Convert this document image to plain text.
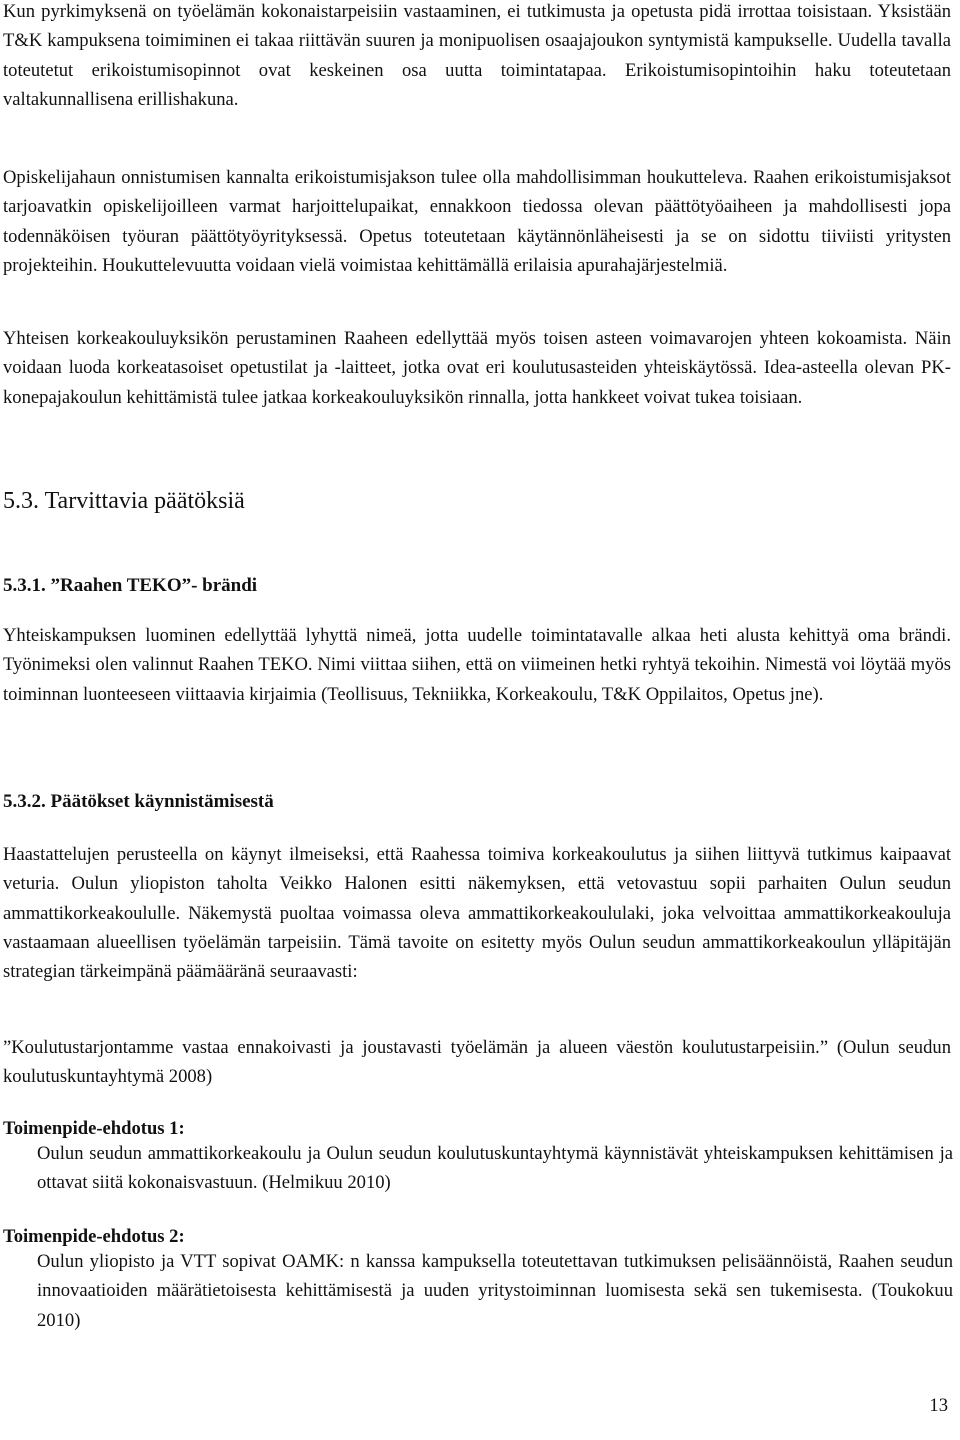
Kun pyrkimyksenä on työelämän kokonaistarpeisiin vastaaminen, ei tutkimusta ja opetusta pidä irrottaa toisistaan. Yksistään T&K kampuksena toimiminen ei takaa riittävän suuren ja monipuolisen osaajajoukon syntymistä kampukselle. Uudella tavalla toteutetut erikoistumisopinnot ovat keskeinen osa uutta toimintatapaa. Erikoistumisopintoihin haku toteutetaan valtakunnallisena erillishakuna.

Opiskelijahaun onnistumisen kannalta erikoistumisjakson tulee olla mahdollisimman houkutteleva. Raahen erikoistumisjaksot tarjoavatkin opiskelijoilleen varmat harjoittelupaikat, ennakkoon tiedossa olevan päättötyöaiheen ja mahdollisesti jopa todennäköisen työuran päättötyöyrityksessä. Opetus toteutetaan käytännönläheisesti ja se on sidottu tiiviisti yritysten projekteihin. Houkuttelevuutta voidaan vielä voimistaa kehittämällä erilaisia apurahajärjestelmiä.

Yhteisen korkeakouluyksikön perustaminen Raaheen edellyttää myös toisen asteen voimavarojen yhteen kokoamista. Näin voidaan luoda korkeatasoiset opetustilat ja -laitteet, jotka ovat eri koulutusasteiden yhteiskäytössä. Idea-asteella olevan PK-konepajakoulun kehittämistä tulee jatkaa korkeakouluyksikön rinnalla, jotta hankkeet voivat tukea toisiaan.

5.3. Tarvittavia päätöksiä
5.3.1. ”Raahen TEKO”- brändi

Yhteiskampuksen luominen edellyttää lyhyttä nimeä, jotta uudelle toimintatavalle alkaa heti alusta kehittyä oma brändi. Työnimeksi olen valinnut Raahen TEKO. Nimi viittaa siihen, että on viimeinen hetki ryhtyä tekoihin. Nimestä voi löytää myös toiminnan luonteeseen viittaavia kirjaimia (Teollisuus, Tekniikka, Korkeakoulu, T&K Oppilaitos, Opetus jne).

5.3.2. Päätökset käynnistämisestä

Haastattelujen perusteella on käynyt ilmeiseksi, että Raahessa toimiva korkeakoulutus ja siihen liittyvä tutkimus kaipaavat veturia. Oulun yliopiston taholta Veikko Halonen esitti näkemyksen, että vetovastuu sopii parhaiten Oulun seudun ammattikorkeakoululle. Näkemystä puoltaa voimassa oleva ammattikorkeakoululaki, joka velvoittaa ammattikorkeakouluja vastaamaan alueellisen työelämän tarpeisiin. Tämä tavoite on esitetty myös Oulun seudun ammattikorkeakoulun ylläpitäjän strategian tärkeimpänä päämääränä seuraavasti:

”Koulutustarjontamme vastaa ennakoivasti ja joustavasti työelämän ja alueen väestön koulutustarpeisiin.” (Oulun seudun koulutuskuntayhtymä 2008)

Toimenpide-ehdotus 1:

Oulun seudun ammattikorkeakoulu ja Oulun seudun koulutuskuntayhtymä käynnistävät yhteiskampuksen kehittämisen ja ottavat siitä kokonaisvastuun. (Helmikuu 2010)

Toimenpide-ehdotus 2:

Oulun yliopisto ja VTT sopivat OAMK: n kanssa kampuksella toteutettavan tutkimuksen pelisäännöistä, Raahen seudun innovaatioiden määrätietoisesta kehittämisestä ja uuden yritystoiminnan luomisesta sekä sen tukemisesta. (Toukokuu 2010)

13
